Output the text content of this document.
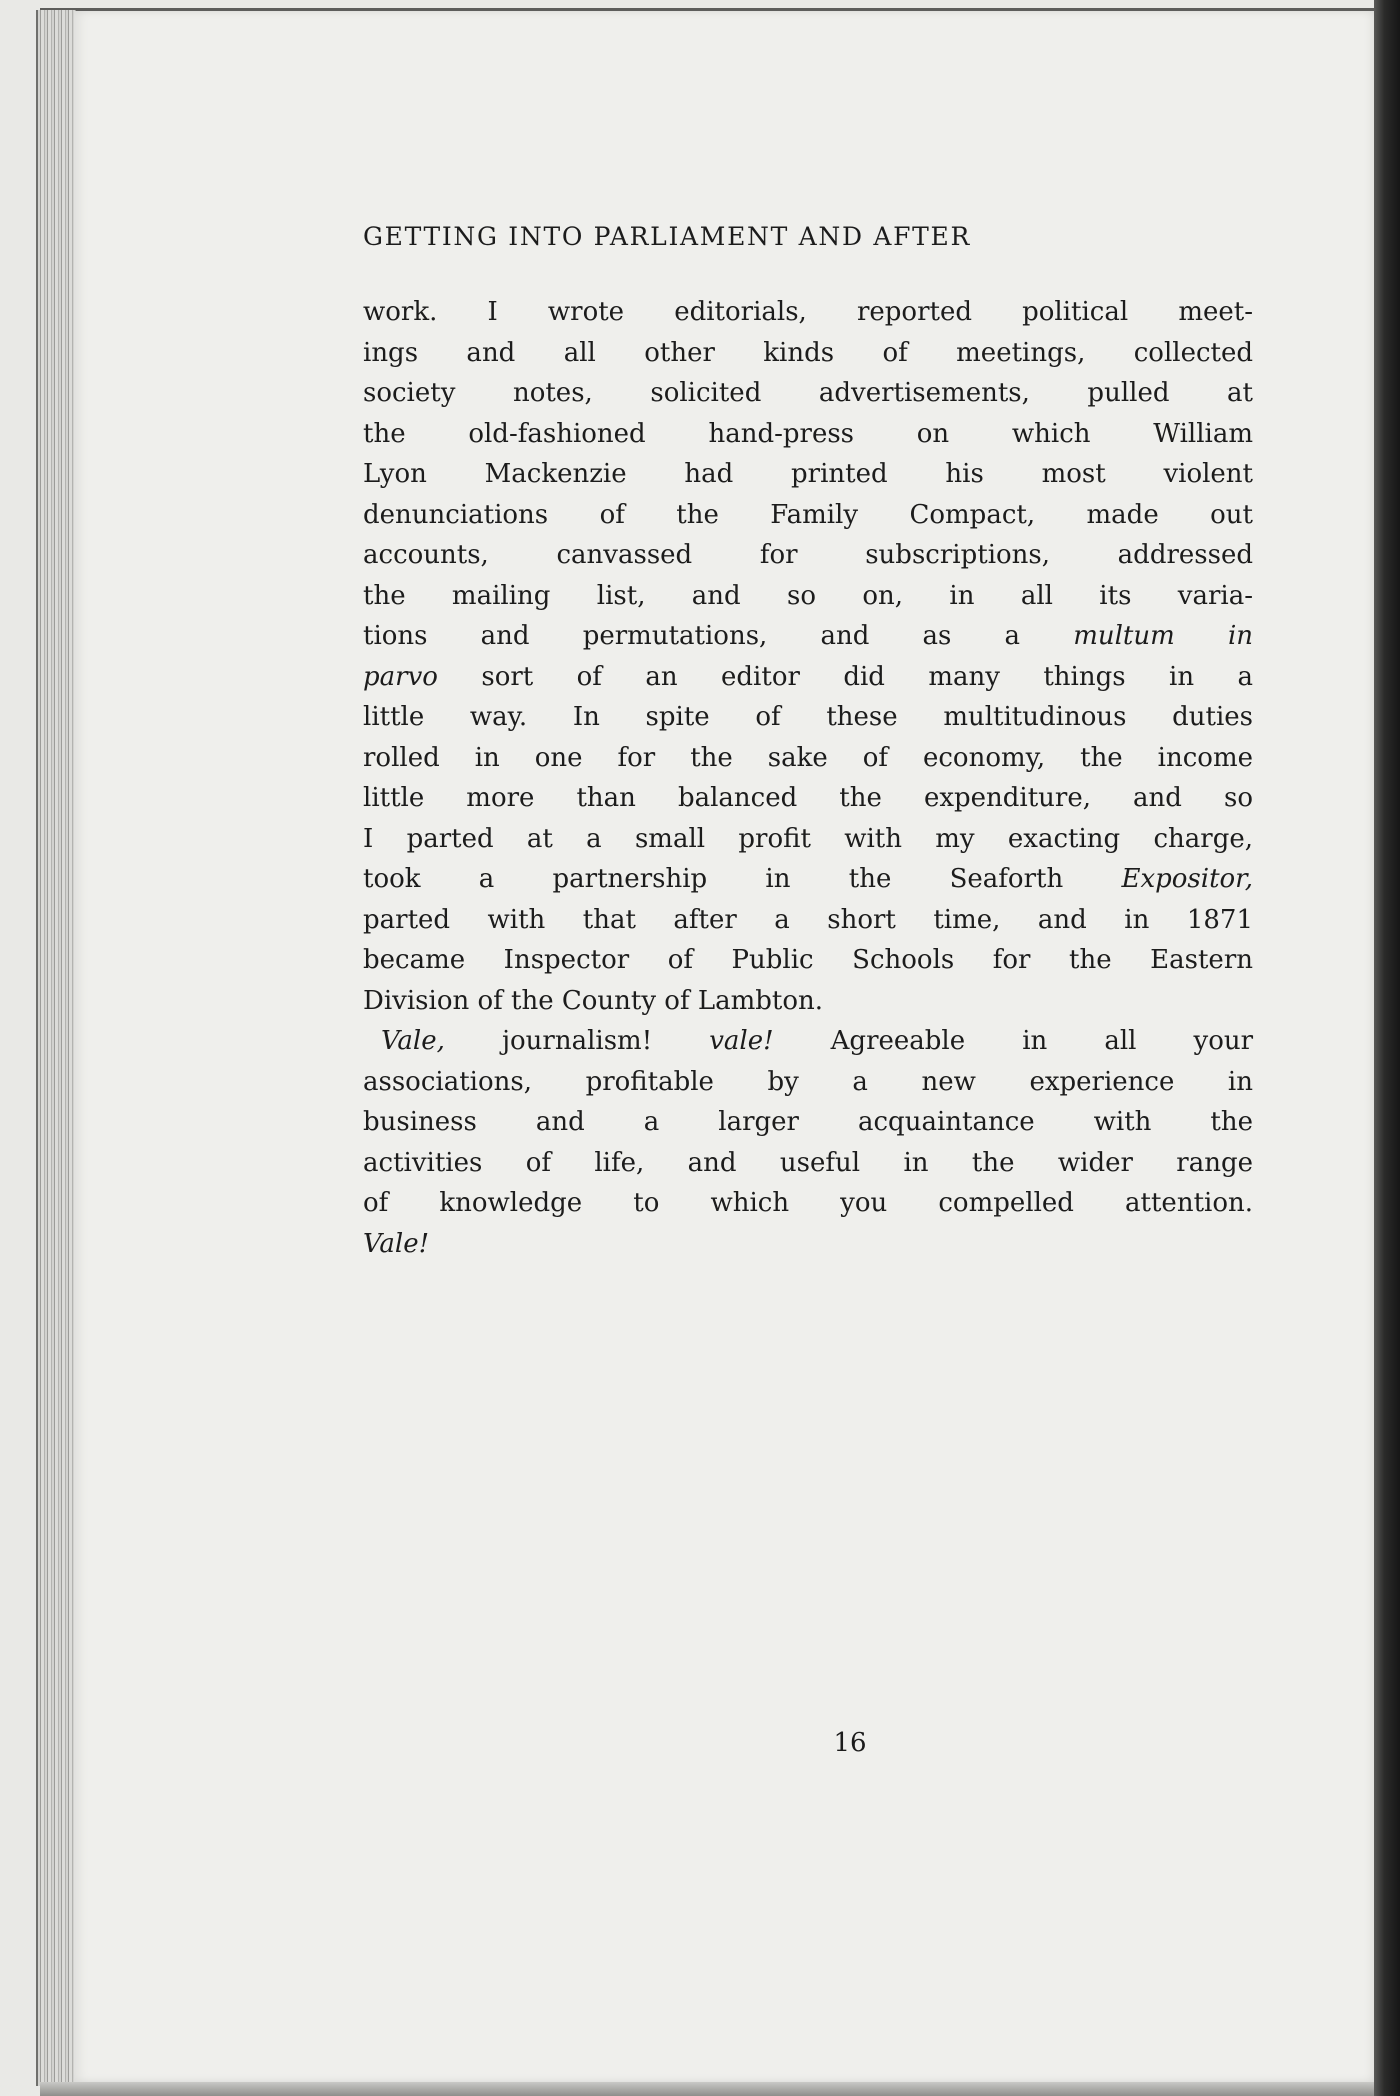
GETTING INTO PARLIAMENT AND AFTER

work. I wrote editorials, reported political meet-
ings and all other kinds of meetings, collected
society notes, solicited advertisements, pulled at
the old-fashioned hand-press on which William
Lyon Mackenzie had printed his most violent
denunciations of the Family Compact, made out
accounts, canvassed for subscriptions, addressed
the mailing list, and so on, in all its varia-
tions and permutations, and as a multum in
parvo sort of an editor did many things in a
little way. In spite of these multitudinous duties
rolled in one for the sake of economy, the income
little more than balanced the expenditure, and so
I parted at a small profit with my exacting charge,
took a partnership in the Seaforth Expositor,
parted with that after a short time, and in 1871
became Inspector of Public Schools for the Eastern
Division of the County of Lambton.

Vale, journalism! vale! Agreeable in all your
associations, profitable by a new experience in
business and a larger acquaintance with the
activities of life, and useful in the wider range
of knowledge to which you compelled attention.
Vale!

16
